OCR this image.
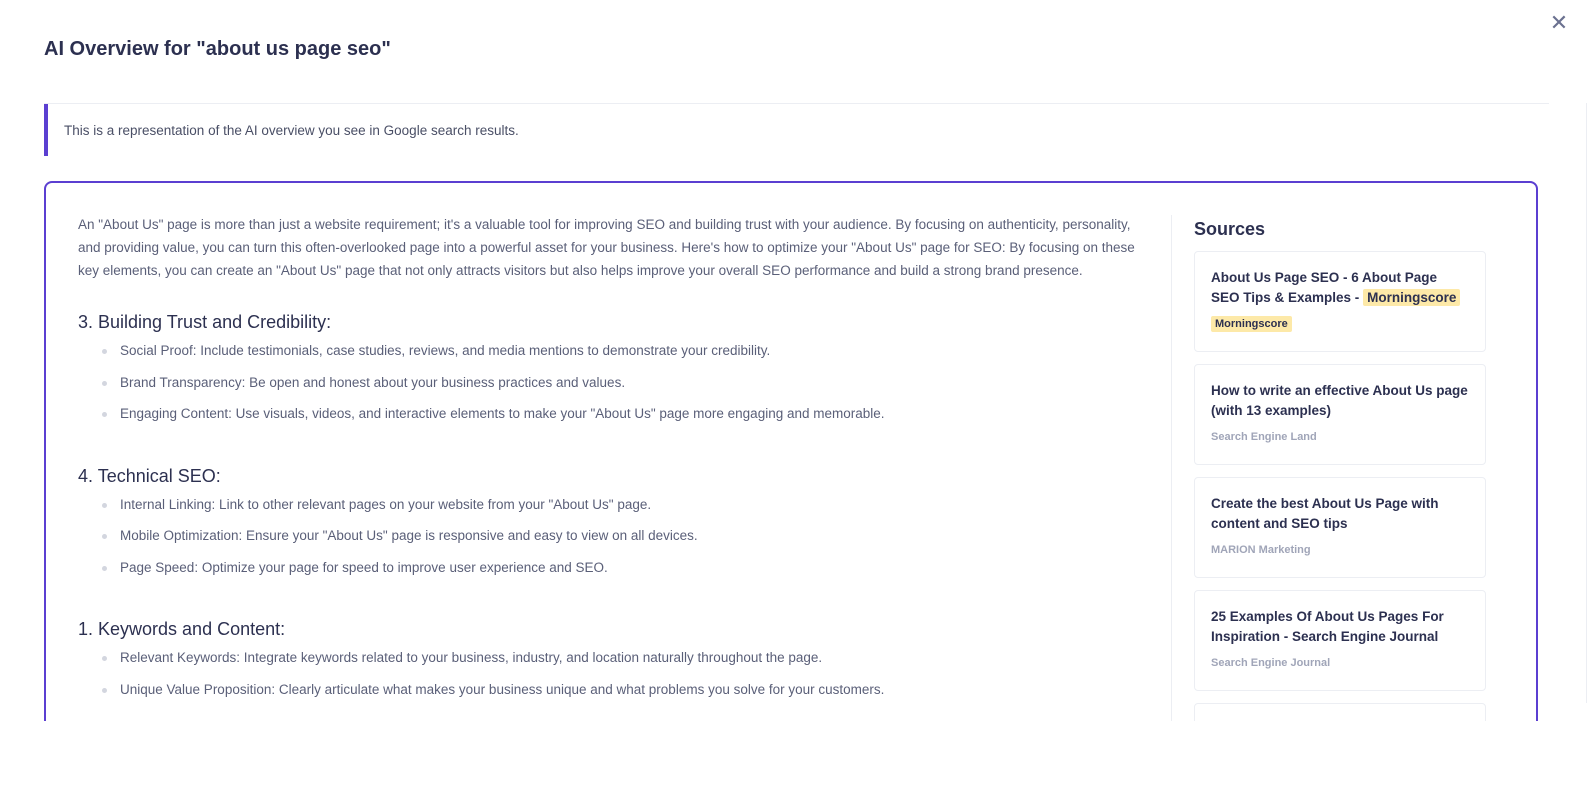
✕
AI Overview for "about us page seo"
This is a representation of the AI overview you see in Google search results.

An "About Us" page is more than just a website requirement; it's a valuable tool for improving SEO and building trust with your audience. By focusing on authenticity, personality, and providing value, you can turn this often-overlooked page into a powerful asset for your business. Here's how to optimize your "About Us" page for SEO: By focusing on these key elements, you can create an "About Us" page that not only attracts visitors but also helps improve your overall SEO performance and build a strong brand presence.

3. Building Trust and Credibility:
Social Proof: Include testimonials, case studies, reviews, and media mentions to demonstrate your credibility.
Brand Transparency: Be open and honest about your business practices and values.
Engaging Content: Use visuals, videos, and interactive elements to make your "About Us" page more engaging and memorable.
4. Technical SEO:
Internal Linking: Link to other relevant pages on your website from your "About Us" page.
Mobile Optimization: Ensure your "About Us" page is responsive and easy to view on all devices.
Page Speed: Optimize your page for speed to improve user experience and SEO.
1. Keywords and Content:
Relevant Keywords: Integrate keywords related to your business, industry, and location naturally throughout the page.
Unique Value Proposition: Clearly articulate what makes your business unique and what problems you solve for your customers.
Sources
About Us Page SEO - 6 About Page SEO Tips & Examples - Morningscore
Morningscore
How to write an effective About Us page (with 13 examples)
Search Engine Land
Create the best About Us Page with content and SEO tips
MARION Marketing
25 Examples Of About Us Pages For Inspiration - Search Engine Journal
Search Engine Journal
